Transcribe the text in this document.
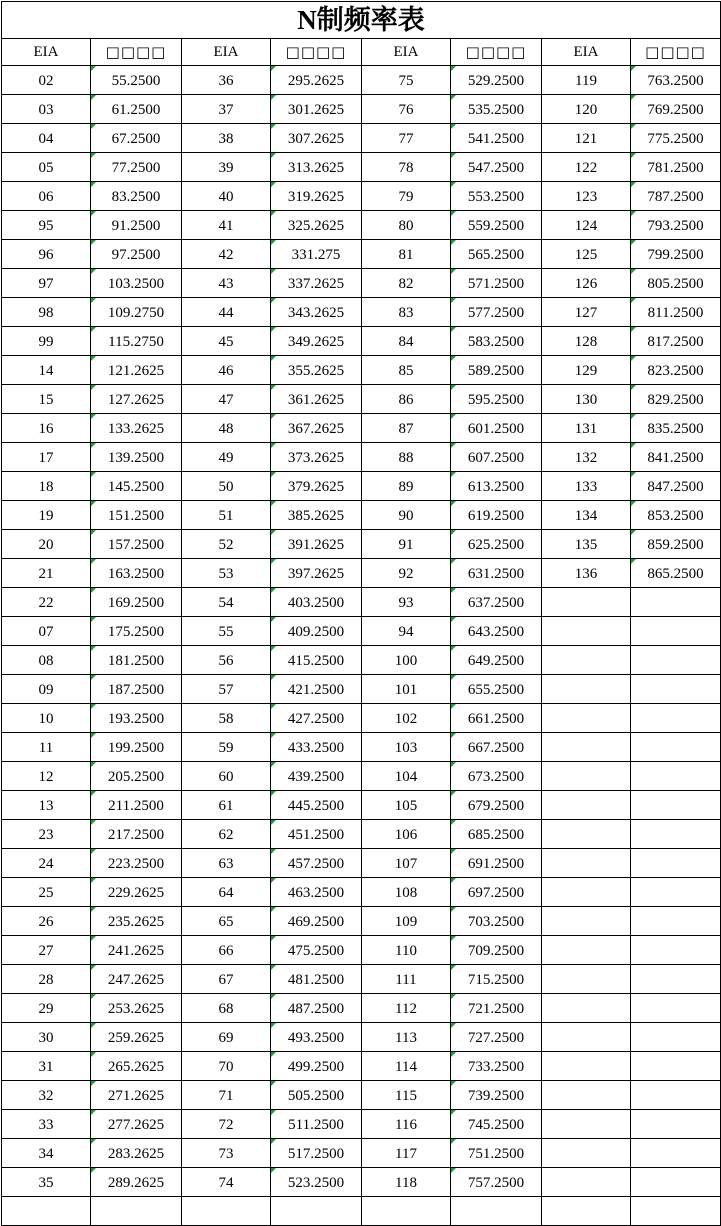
N制频率表							
EIA	□□□□	EIA	□□□□	EIA	□□□□	EIA	□□□□
02	55.2500	36	295.2625	75	529.2500	119	763.2500
03	61.2500	37	301.2625	76	535.2500	120	769.2500
04	67.2500	38	307.2625	77	541.2500	121	775.2500
05	77.2500	39	313.2625	78	547.2500	122	781.2500
06	83.2500	40	319.2625	79	553.2500	123	787.2500
95	91.2500	41	325.2625	80	559.2500	124	793.2500
96	97.2500	42	331.275	81	565.2500	125	799.2500
97	103.2500	43	337.2625	82	571.2500	126	805.2500
98	109.2750	44	343.2625	83	577.2500	127	811.2500
99	115.2750	45	349.2625	84	583.2500	128	817.2500
14	121.2625	46	355.2625	85	589.2500	129	823.2500
15	127.2625	47	361.2625	86	595.2500	130	829.2500
16	133.2625	48	367.2625	87	601.2500	131	835.2500
17	139.2500	49	373.2625	88	607.2500	132	841.2500
18	145.2500	50	379.2625	89	613.2500	133	847.2500
19	151.2500	51	385.2625	90	619.2500	134	853.2500
20	157.2500	52	391.2625	91	625.2500	135	859.2500
21	163.2500	53	397.2625	92	631.2500	136	865.2500
22	169.2500	54	403.2500	93	637.2500		
07	175.2500	55	409.2500	94	643.2500		
08	181.2500	56	415.2500	100	649.2500		
09	187.2500	57	421.2500	101	655.2500		
10	193.2500	58	427.2500	102	661.2500		
11	199.2500	59	433.2500	103	667.2500		
12	205.2500	60	439.2500	104	673.2500		
13	211.2500	61	445.2500	105	679.2500		
23	217.2500	62	451.2500	106	685.2500		
24	223.2500	63	457.2500	107	691.2500		
25	229.2625	64	463.2500	108	697.2500		
26	235.2625	65	469.2500	109	703.2500		
27	241.2625	66	475.2500	110	709.2500		
28	247.2625	67	481.2500	111	715.2500		
29	253.2625	68	487.2500	112	721.2500		
30	259.2625	69	493.2500	113	727.2500		
31	265.2625	70	499.2500	114	733.2500		
32	271.2625	71	505.2500	115	739.2500		
33	277.2625	72	511.2500	116	745.2500		
34	283.2625	73	517.2500	117	751.2500		
35	289.2625	74	523.2500	118	757.2500		
